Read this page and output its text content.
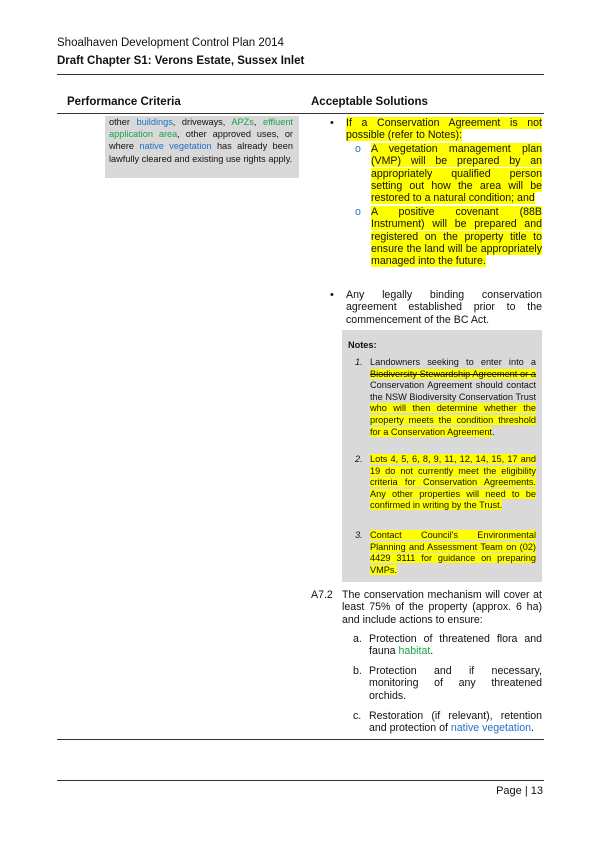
Shoalhaven Development Control Plan 2014
Draft Chapter S1: Verons Estate, Sussex Inlet
Performance Criteria	Acceptable Solutions
other buildings, driveways, APZs, effluent application area, other approved uses, or where native vegetation has already been lawfully cleared and existing use rights apply.
• If a Conservation Agreement is not possible (refer to Notes):
o A vegetation management plan (VMP) will be prepared by an appropriately qualified person setting out how the area will be restored to a natural condition; and
o A positive covenant (88B Instrument) will be prepared and registered on the property title to ensure the land will be appropriately managed into the future.
• Any legally binding conservation agreement established prior to the commencement of the BC Act.
Notes:
1. Landowners seeking to enter into a Biodiversity Stewardship Agreement or a Conservation Agreement should contact the NSW Biodiversity Conservation Trust who will then determine whether the property meets the condition threshold for a Conservation Agreement.
2. Lots 4, 5, 6, 8, 9, 11, 12, 14, 15, 17 and 19 do not currently meet the eligibility criteria for Conservation Agreements. Any other properties will need to be confirmed in writing by the Trust.
3. Contact Council's Environmental Planning and Assessment Team on (02) 4429 3111 for guidance on preparing VMPs.
A7.2 The conservation mechanism will cover at least 75% of the property (approx. 6 ha) and include actions to ensure:
a. Protection of threatened flora and fauna habitat.
b. Protection and if necessary, monitoring of any threatened orchids.
c. Restoration (if relevant), retention and protection of native vegetation.
Page | 13
